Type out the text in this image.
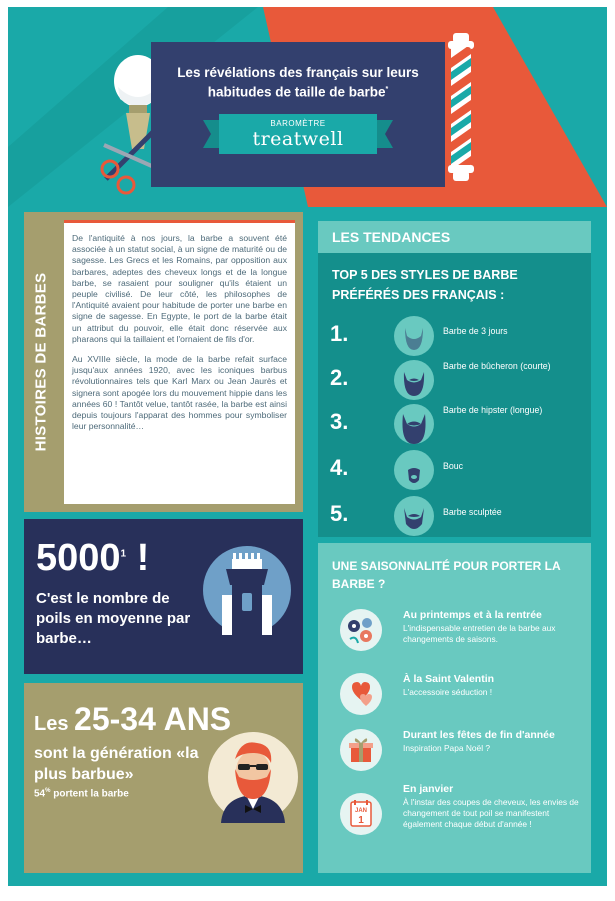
Les révélations des français sur leurs habitudes de taille de barbe*
BAROMÈTRE
treatwell
HISTOIRES DE BARBES

De l'antiquité à nos jours, la barbe a souvent été associée à un statut social, à un signe de maturité ou de sagesse. Les Grecs et les Romains, par opposition aux barbares, adeptes des cheveux longs et de la longue barbe, se rasaient pour souligner qu'ils étaient un peuple civilisé. De leur côté, les philosophes de l'Antiquité avaient pour habitude de porter une barbe en signe de sagesse. En Egypte, le port de la barbe était un attribut du pouvoir, elle était donc réservée aux pharaons qui la taillaient et l'ornaient de fils d'or.

Au XVIIIe siècle, la mode de la barbe refait surface jusqu'aux années 1920, avec les iconiques barbus révolutionnaires tels que Karl Marx ou Jean Jaurès et signera sont apogée lors du mouvement hippie dans les années 60 ! Tantôt velue, tantôt rasée, la barbe est ainsi depuis toujours l'apparat des hommes pour symboliser leur personnalité…

5000$^1$ !
C'est le nombre de poils en moyenne par barbe…
Les 25-34 ANS
sont la génération «la plus barbue»
54% portent la barbe
LES TENDANCES
TOP 5 DES STYLES DE BARBE PRÉFÉRÉS DES FRANÇAIS :
1.	Barbe de 3 jours
2.	Barbe de bûcheron (courte)
3.	Barbe de hipster (longue)
4.	Bouc
5.	Barbe sculptée
UNE SAISONNALITÉ POUR PORTER LA BARBE ?
Au printemps et à la rentrée
L'indispensable entretien de la barbe aux changements de saisons.
À la Saint Valentin
L'accessoire séduction !
Durant les fêtes de fin d'année
Inspiration Papa Noël ?
JAN
1
En janvier
À l'instar des coupes de cheveux, les envies de changement de tout poil se manifestent également chaque début d'année !
